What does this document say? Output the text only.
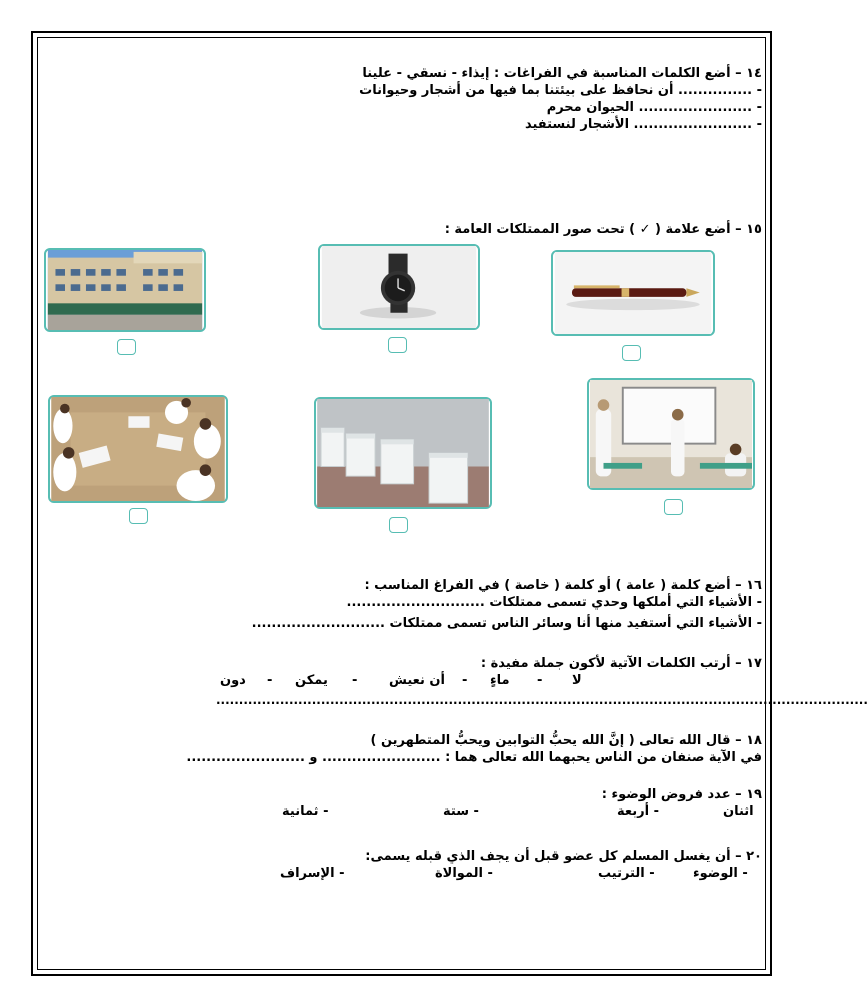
١٤ – أضع الكلمات المناسبة في الفراغات : إيذاء - نسقي - علينا
- ............... أن نحافظ على بيئتنا بما فيها من أشجار وحيوانات
- ....................... الحيوان محرم
- ........................ الأشجار لنستفيد
١٥ – أضع علامة ( ✓ ) تحت صور الممتلكات العامة :
١٦ – أضع كلمة ( عامة ) أو كلمة ( خاصة ) في الفراغ المناسب :
- الأشياء التي أملكها وحدي تسمى ممتلكات ............................
- الأشياء التي أستفيد منها أنا وسائر الناس تسمى ممتلكات ...........................
١٧ – أرتب الكلمات الآتية لأكون جملة مفيدة :
لا
-
ماءٍ
-
أن نعيش
-
يمكن
-
دون
...............................................................................................................................................
١٨ – قال الله تعالى ( إنَّ الله يحبُّ التوابين ويحبُّ المتطهرين )
في الآية صنفان من الناس يحبهما الله تعالى هما : ........................ و ........................
١٩ – عدد فروض الوضوء :
اثنان
- أربعة
- ستة
- ثمانية
٢٠ – أن يغسل المسلم كل عضو قبل أن يجف الذي قبله يسمى:
- الوضوء
- الترتيب
- الموالاة
- الإسراف
